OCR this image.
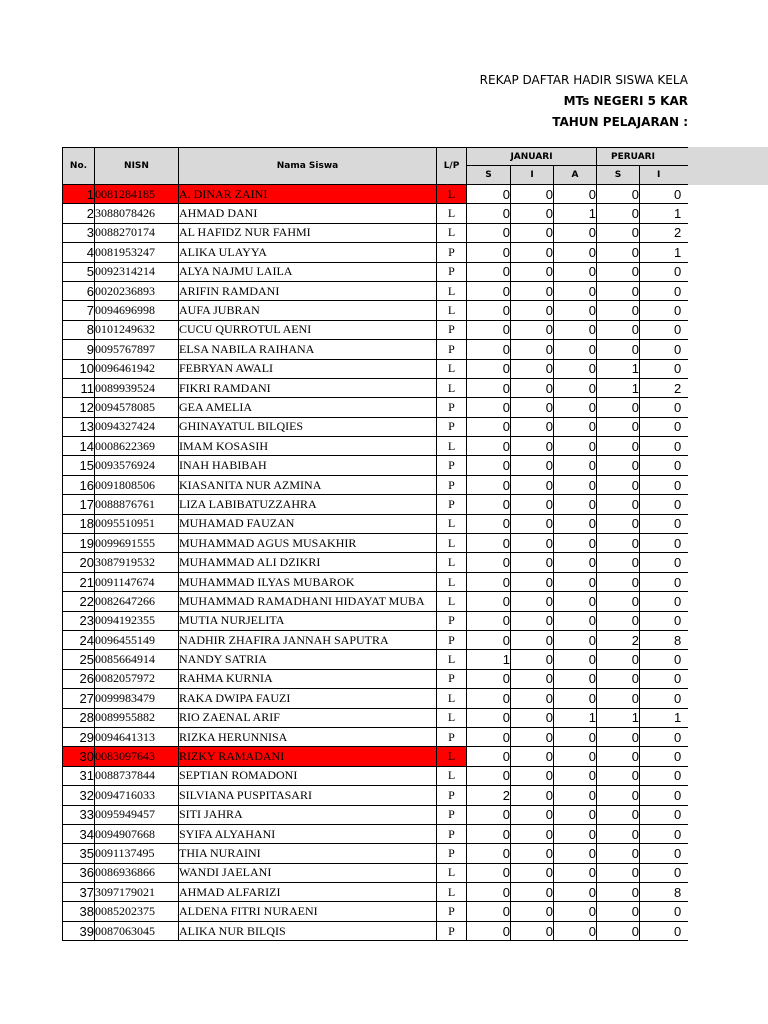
REKAP DAFTAR HADIR SISWA KELA
MTs NEGERI 5 KAR
TAHUN PELAJARAN :
No.	NISN	Nama Siswa	L/P	JANUARI			PERUARI	
				S	I	A	S	I
1	0081284185	A. DINAR ZAINI	L	0	0	0	0	0
2	3088078426	AHMAD DANI	L	0	0	1	0	1
3	0088270174	AL HAFIDZ NUR FAHMI	L	0	0	0	0	2
4	0081953247	ALIKA ULAYYA	P	0	0	0	0	1
5	0092314214	ALYA NAJMU LAILA	P	0	0	0	0	0
6	0020236893	ARIFIN RAMDANI	L	0	0	0	0	0
7	0094696998	AUFA JUBRAN	L	0	0	0	0	0
8	0101249632	CUCU QURROTUL AENI	P	0	0	0	0	0
9	0095767897	ELSA NABILA RAIHANA	P	0	0	0	0	0
10	0096461942	FEBRYAN AWALI	L	0	0	0	1	0
11	0089939524	FIKRI RAMDANI	L	0	0	0	1	2
12	0094578085	GEA AMELIA	P	0	0	0	0	0
13	0094327424	GHINAYATUL BILQIES	P	0	0	0	0	0
14	0008622369	IMAM KOSASIH	L	0	0	0	0	0
15	0093576924	INAH HABIBAH	P	0	0	0	0	0
16	0091808506	KIASANITA NUR AZMINA	P	0	0	0	0	0
17	0088876761	LIZA LABIBATUZZAHRA	P	0	0	0	0	0
18	0095510951	MUHAMAD FAUZAN	L	0	0	0	0	0
19	0099691555	MUHAMMAD AGUS MUSAKHIR	L	0	0	0	0	0
20	3087919532	MUHAMMAD ALI DZIKRI	L	0	0	0	0	0
21	0091147674	MUHAMMAD ILYAS MUBAROK	L	0	0	0	0	0
22	0082647266	MUHAMMAD RAMADHANI HIDAYAT MUBA	L	0	0	0	0	0
23	0094192355	MUTIA NURJELITA	P	0	0	0	0	0
24	0096455149	NADHIR ZHAFIRA JANNAH SAPUTRA	P	0	0	0	2	8
25	0085664914	NANDY SATRIA	L	1	0	0	0	0
26	0082057972	RAHMA KURNIA	P	0	0	0	0	0
27	0099983479	RAKA DWIPA FAUZI	L	0	0	0	0	0
28	0089955882	RIO ZAENAL ARIF	L	0	0	1	1	1
29	0094641313	RIZKA HERUNNISA	P	0	0	0	0	0
30	0083097643	RIZKY RAMADANI	L	0	0	0	0	0
31	0088737844	SEPTIAN ROMADONI	L	0	0	0	0	0
32	0094716033	SILVIANA PUSPITASARI	P	2	0	0	0	0
33	0095949457	SITI JAHRA	P	0	0	0	0	0
34	0094907668	SYIFA ALYAHANI	P	0	0	0	0	0
35	0091137495	THIA NURAINI	P	0	0	0	0	0
36	0086936866	WANDI JAELANI	L	0	0	0	0	0
37	3097179021	AHMAD ALFARIZI	L	0	0	0	0	8
38	0085202375	ALDENA FITRI NURAENI	P	0	0	0	0	0
39	0087063045	ALIKA NUR BILQIS	P	0	0	0	0	0
